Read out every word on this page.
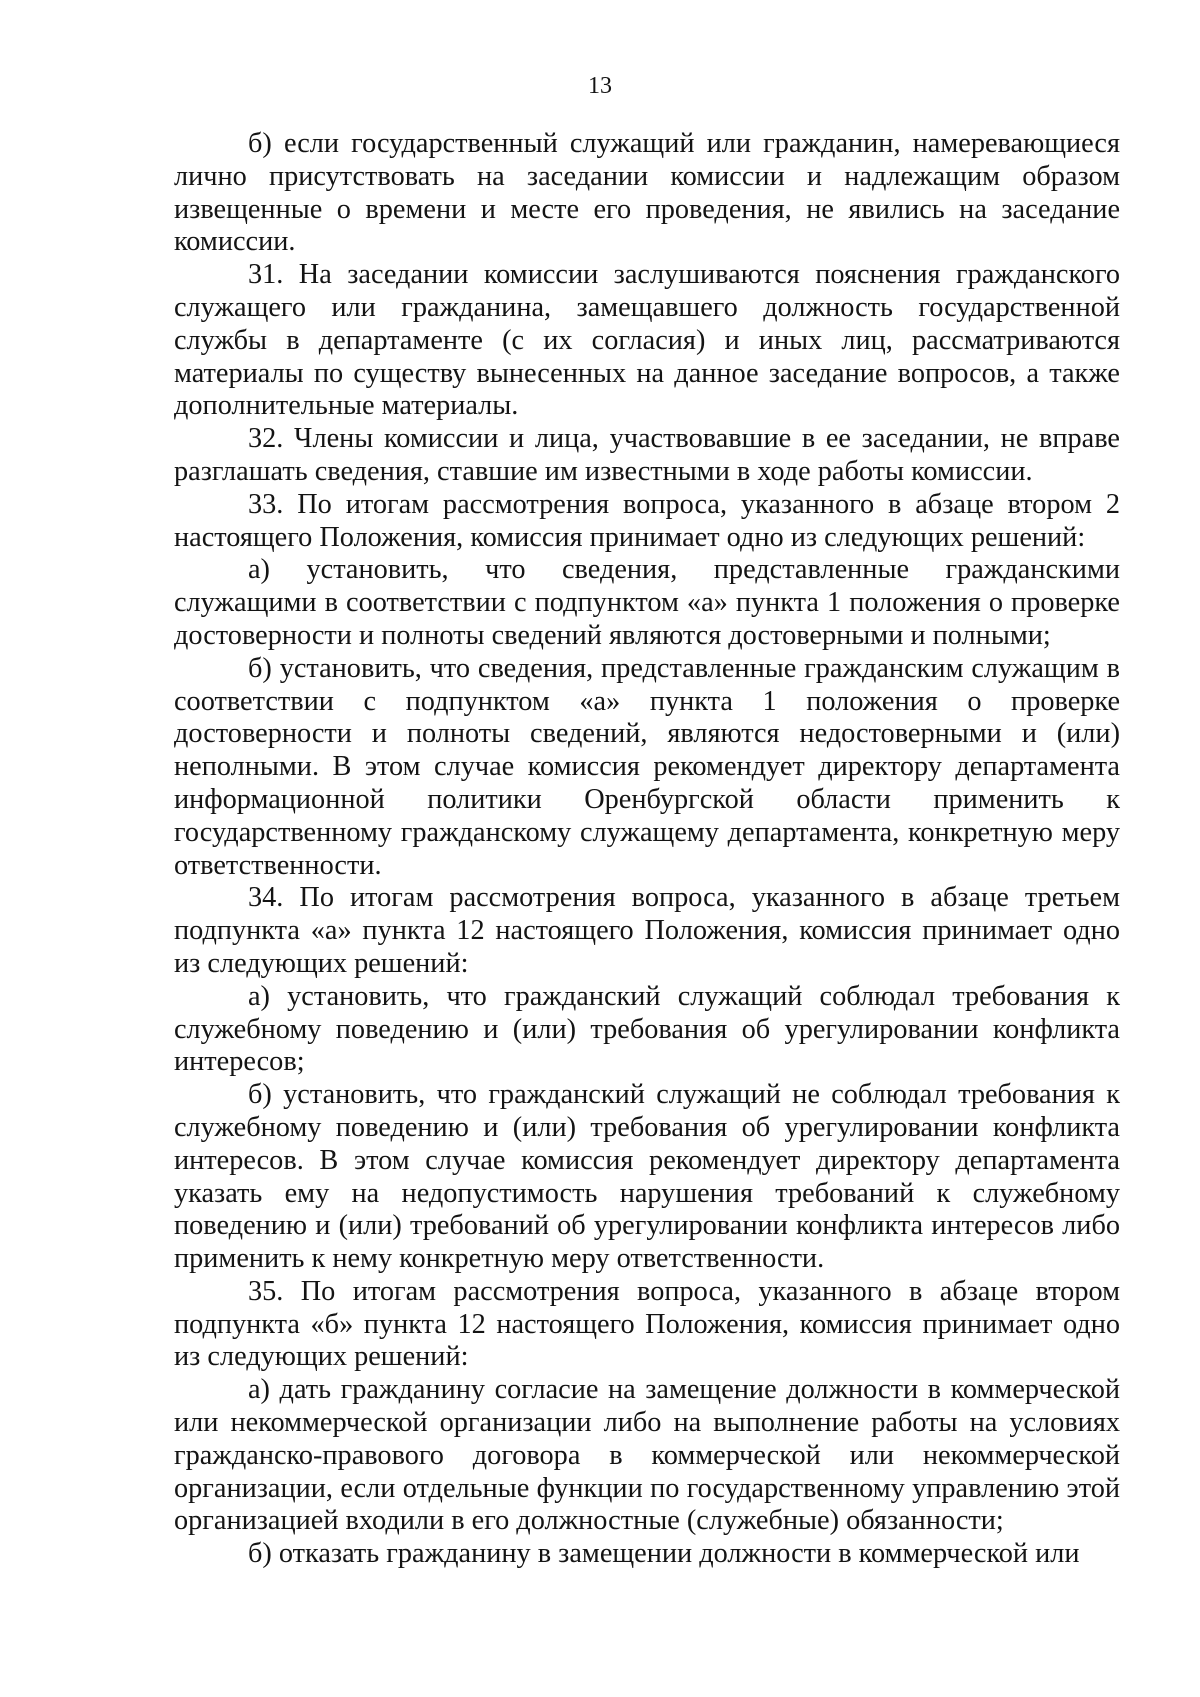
13

б) если государственный служащий или гражданин, намеревающиеся лично присутствовать на заседании комиссии и надлежащим образом извещенные о времени и месте его проведения, не явились на заседание комиссии.

31. На заседании комиссии заслушиваются пояснения гражданского служащего или гражданина, замещавшего должность государственной службы в департаменте (с их согласия) и иных лиц, рассматриваются материалы по существу вынесенных на данное заседание вопросов, а также дополнительные материалы.

32. Члены комиссии и лица, участвовавшие в ее заседании, не вправе разглашать сведения, ставшие им известными в ходе работы комиссии.

33. По итогам рассмотрения вопроса, указанного в абзаце втором 2 настоящего Положения, комиссия принимает одно из следующих решений:

а) установить, что сведения, представленные гражданскими служащими в соответствии с подпунктом «а» пункта 1 положения о проверке достоверности и полноты сведений являются достоверными и полными;

б) установить, что сведения, представленные гражданским служащим в соответствии с подпунктом «а» пункта 1 положения о проверке достоверности и полноты сведений, являются недостоверными и (или) неполными. В этом случае комиссия рекомендует директору департамента информационной политики Оренбургской области применить к государственному гражданскому служащему департамента, конкретную меру ответственности.

34. По итогам рассмотрения вопроса, указанного в абзаце третьем подпункта «а» пункта 12 настоящего Положения, комиссия принимает одно из следующих решений:

а) установить, что гражданский служащий соблюдал требования к служебному поведению и (или) требования об урегулировании конфликта интересов;

б) установить, что гражданский служащий не соблюдал требования к служебному поведению и (или) требования об урегулировании конфликта интересов. В этом случае комиссия рекомендует директору департамента указать ему на недопустимость нарушения требований к служебному поведению и (или) требований об урегулировании конфликта интересов либо применить к нему конкретную меру ответственности.

35. По итогам рассмотрения вопроса, указанного в абзаце втором подпункта «б» пункта 12 настоящего Положения, комиссия принимает одно из следующих решений:

а) дать гражданину согласие на замещение должности в коммерческой или некоммерческой организации либо на выполнение работы на условиях гражданско-правового договора в коммерческой или некоммерческой организации, если отдельные функции по государственному управлению этой организацией входили в его должностные (служебные) обязанности;

б) отказать гражданину в замещении должности в коммерческой или
